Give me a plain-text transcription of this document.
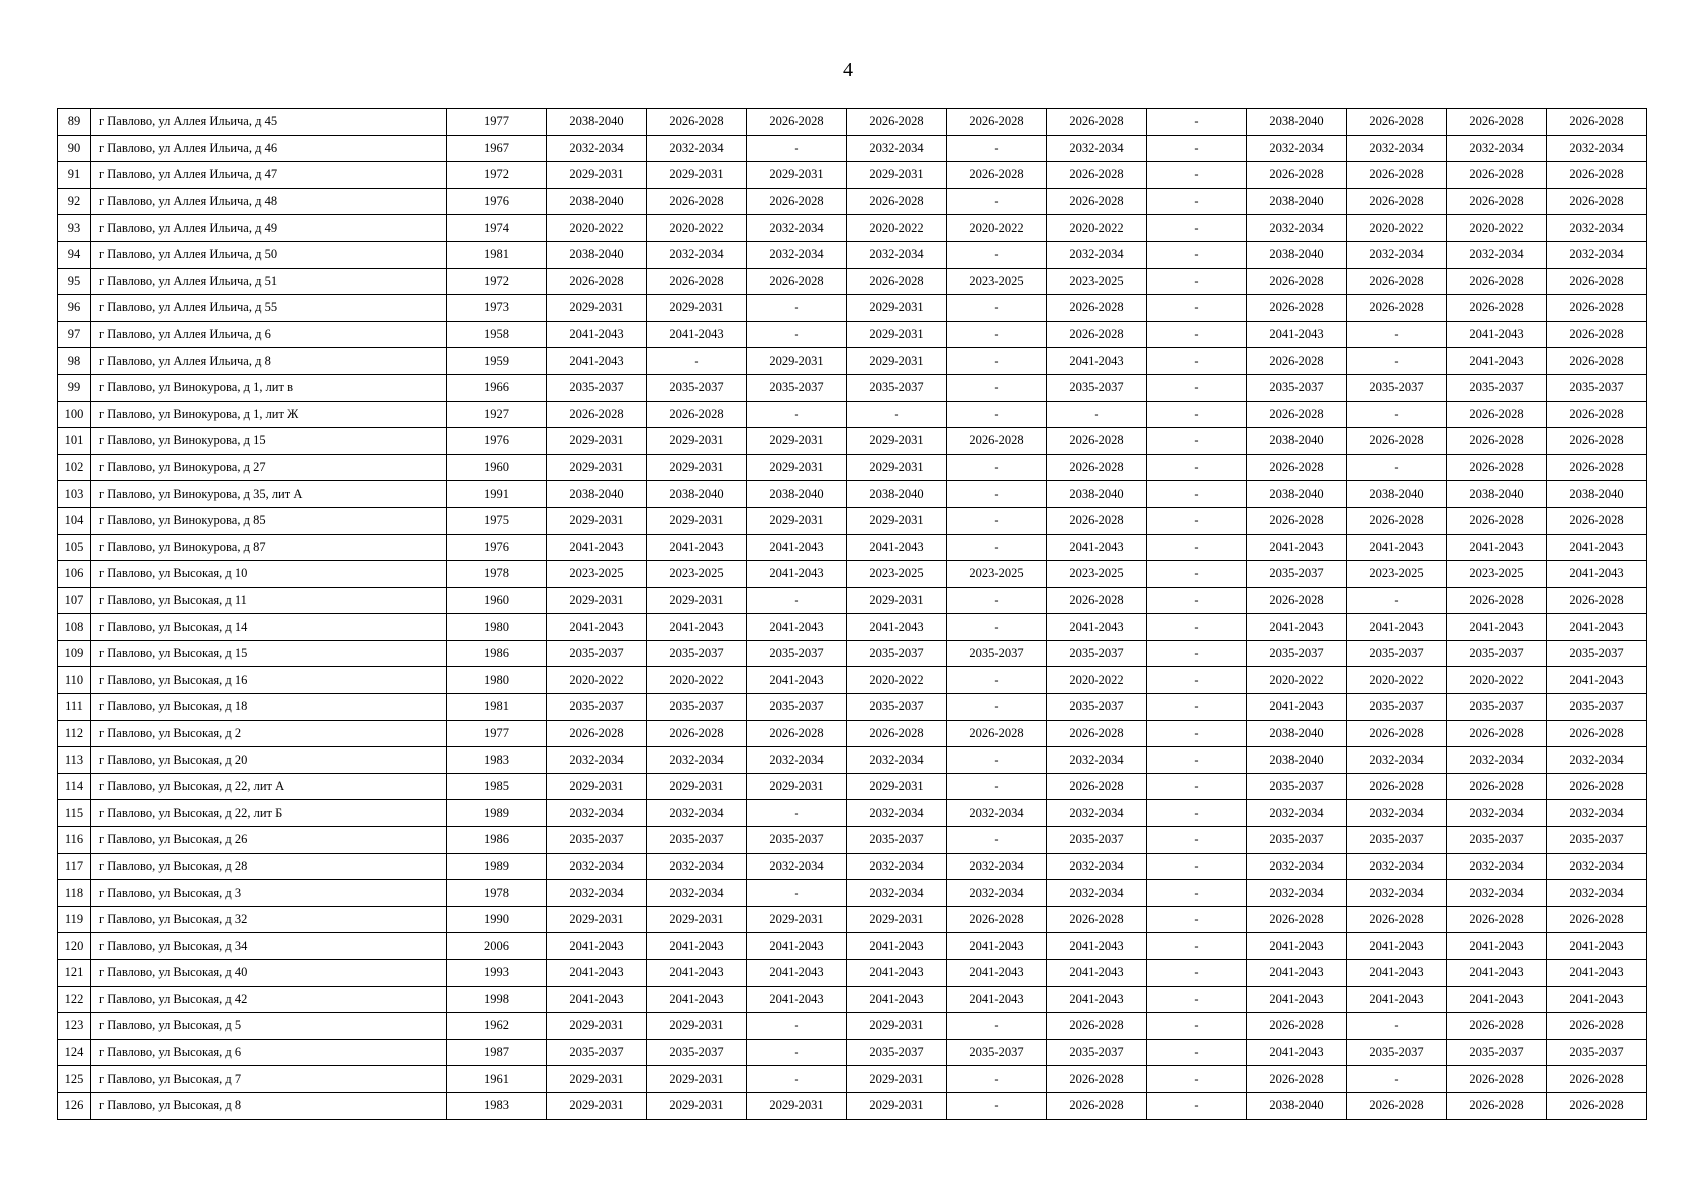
4
89	г Павлово, ул Аллея Ильича, д 45	1977	2038-2040	2026-2028	2026-2028	2026-2028	2026-2028	2026-2028	-	2038-2040	2026-2028	2026-2028	2026-2028
90	г Павлово, ул Аллея Ильича, д 46	1967	2032-2034	2032-2034	-	2032-2034	-	2032-2034	-	2032-2034	2032-2034	2032-2034	2032-2034
91	г Павлово, ул Аллея Ильича, д 47	1972	2029-2031	2029-2031	2029-2031	2029-2031	2026-2028	2026-2028	-	2026-2028	2026-2028	2026-2028	2026-2028
92	г Павлово, ул Аллея Ильича, д 48	1976	2038-2040	2026-2028	2026-2028	2026-2028	-	2026-2028	-	2038-2040	2026-2028	2026-2028	2026-2028
93	г Павлово, ул Аллея Ильича, д 49	1974	2020-2022	2020-2022	2032-2034	2020-2022	2020-2022	2020-2022	-	2032-2034	2020-2022	2020-2022	2032-2034
94	г Павлово, ул Аллея Ильича, д 50	1981	2038-2040	2032-2034	2032-2034	2032-2034	-	2032-2034	-	2038-2040	2032-2034	2032-2034	2032-2034
95	г Павлово, ул Аллея Ильича, д 51	1972	2026-2028	2026-2028	2026-2028	2026-2028	2023-2025	2023-2025	-	2026-2028	2026-2028	2026-2028	2026-2028
96	г Павлово, ул Аллея Ильича, д 55	1973	2029-2031	2029-2031	-	2029-2031	-	2026-2028	-	2026-2028	2026-2028	2026-2028	2026-2028
97	г Павлово, ул Аллея Ильича, д 6	1958	2041-2043	2041-2043	-	2029-2031	-	2026-2028	-	2041-2043	-	2041-2043	2026-2028
98	г Павлово, ул Аллея Ильича, д 8	1959	2041-2043	-	2029-2031	2029-2031	-	2041-2043	-	2026-2028	-	2041-2043	2026-2028
99	г Павлово, ул Винокурова, д 1, лит в	1966	2035-2037	2035-2037	2035-2037	2035-2037	-	2035-2037	-	2035-2037	2035-2037	2035-2037	2035-2037
100	г Павлово, ул Винокурова, д 1, лит Ж	1927	2026-2028	2026-2028	-	-	-	-	-	2026-2028	-	2026-2028	2026-2028
101	г Павлово, ул Винокурова, д 15	1976	2029-2031	2029-2031	2029-2031	2029-2031	2026-2028	2026-2028	-	2038-2040	2026-2028	2026-2028	2026-2028
102	г Павлово, ул Винокурова, д 27	1960	2029-2031	2029-2031	2029-2031	2029-2031	-	2026-2028	-	2026-2028	-	2026-2028	2026-2028
103	г Павлово, ул Винокурова, д 35, лит А	1991	2038-2040	2038-2040	2038-2040	2038-2040	-	2038-2040	-	2038-2040	2038-2040	2038-2040	2038-2040
104	г Павлово, ул Винокурова, д 85	1975	2029-2031	2029-2031	2029-2031	2029-2031	-	2026-2028	-	2026-2028	2026-2028	2026-2028	2026-2028
105	г Павлово, ул Винокурова, д 87	1976	2041-2043	2041-2043	2041-2043	2041-2043	-	2041-2043	-	2041-2043	2041-2043	2041-2043	2041-2043
106	г Павлово, ул Высокая, д 10	1978	2023-2025	2023-2025	2041-2043	2023-2025	2023-2025	2023-2025	-	2035-2037	2023-2025	2023-2025	2041-2043
107	г Павлово, ул Высокая, д 11	1960	2029-2031	2029-2031	-	2029-2031	-	2026-2028	-	2026-2028	-	2026-2028	2026-2028
108	г Павлово, ул Высокая, д 14	1980	2041-2043	2041-2043	2041-2043	2041-2043	-	2041-2043	-	2041-2043	2041-2043	2041-2043	2041-2043
109	г Павлово, ул Высокая, д 15	1986	2035-2037	2035-2037	2035-2037	2035-2037	2035-2037	2035-2037	-	2035-2037	2035-2037	2035-2037	2035-2037
110	г Павлово, ул Высокая, д 16	1980	2020-2022	2020-2022	2041-2043	2020-2022	-	2020-2022	-	2020-2022	2020-2022	2020-2022	2041-2043
111	г Павлово, ул Высокая, д 18	1981	2035-2037	2035-2037	2035-2037	2035-2037	-	2035-2037	-	2041-2043	2035-2037	2035-2037	2035-2037
112	г Павлово, ул Высокая, д 2	1977	2026-2028	2026-2028	2026-2028	2026-2028	2026-2028	2026-2028	-	2038-2040	2026-2028	2026-2028	2026-2028
113	г Павлово, ул Высокая, д 20	1983	2032-2034	2032-2034	2032-2034	2032-2034	-	2032-2034	-	2038-2040	2032-2034	2032-2034	2032-2034
114	г Павлово, ул Высокая, д 22, лит А	1985	2029-2031	2029-2031	2029-2031	2029-2031	-	2026-2028	-	2035-2037	2026-2028	2026-2028	2026-2028
115	г Павлово, ул Высокая, д 22, лит Б	1989	2032-2034	2032-2034	-	2032-2034	2032-2034	2032-2034	-	2032-2034	2032-2034	2032-2034	2032-2034
116	г Павлово, ул Высокая, д 26	1986	2035-2037	2035-2037	2035-2037	2035-2037	-	2035-2037	-	2035-2037	2035-2037	2035-2037	2035-2037
117	г Павлово, ул Высокая, д 28	1989	2032-2034	2032-2034	2032-2034	2032-2034	2032-2034	2032-2034	-	2032-2034	2032-2034	2032-2034	2032-2034
118	г Павлово, ул Высокая, д 3	1978	2032-2034	2032-2034	-	2032-2034	2032-2034	2032-2034	-	2032-2034	2032-2034	2032-2034	2032-2034
119	г Павлово, ул Высокая, д 32	1990	2029-2031	2029-2031	2029-2031	2029-2031	2026-2028	2026-2028	-	2026-2028	2026-2028	2026-2028	2026-2028
120	г Павлово, ул Высокая, д 34	2006	2041-2043	2041-2043	2041-2043	2041-2043	2041-2043	2041-2043	-	2041-2043	2041-2043	2041-2043	2041-2043
121	г Павлово, ул Высокая, д 40	1993	2041-2043	2041-2043	2041-2043	2041-2043	2041-2043	2041-2043	-	2041-2043	2041-2043	2041-2043	2041-2043
122	г Павлово, ул Высокая, д 42	1998	2041-2043	2041-2043	2041-2043	2041-2043	2041-2043	2041-2043	-	2041-2043	2041-2043	2041-2043	2041-2043
123	г Павлово, ул Высокая, д 5	1962	2029-2031	2029-2031	-	2029-2031	-	2026-2028	-	2026-2028	-	2026-2028	2026-2028
124	г Павлово, ул Высокая, д 6	1987	2035-2037	2035-2037	-	2035-2037	2035-2037	2035-2037	-	2041-2043	2035-2037	2035-2037	2035-2037
125	г Павлово, ул Высокая, д 7	1961	2029-2031	2029-2031	-	2029-2031	-	2026-2028	-	2026-2028	-	2026-2028	2026-2028
126	г Павлово, ул Высокая, д 8	1983	2029-2031	2029-2031	2029-2031	2029-2031	-	2026-2028	-	2038-2040	2026-2028	2026-2028	2026-2028
